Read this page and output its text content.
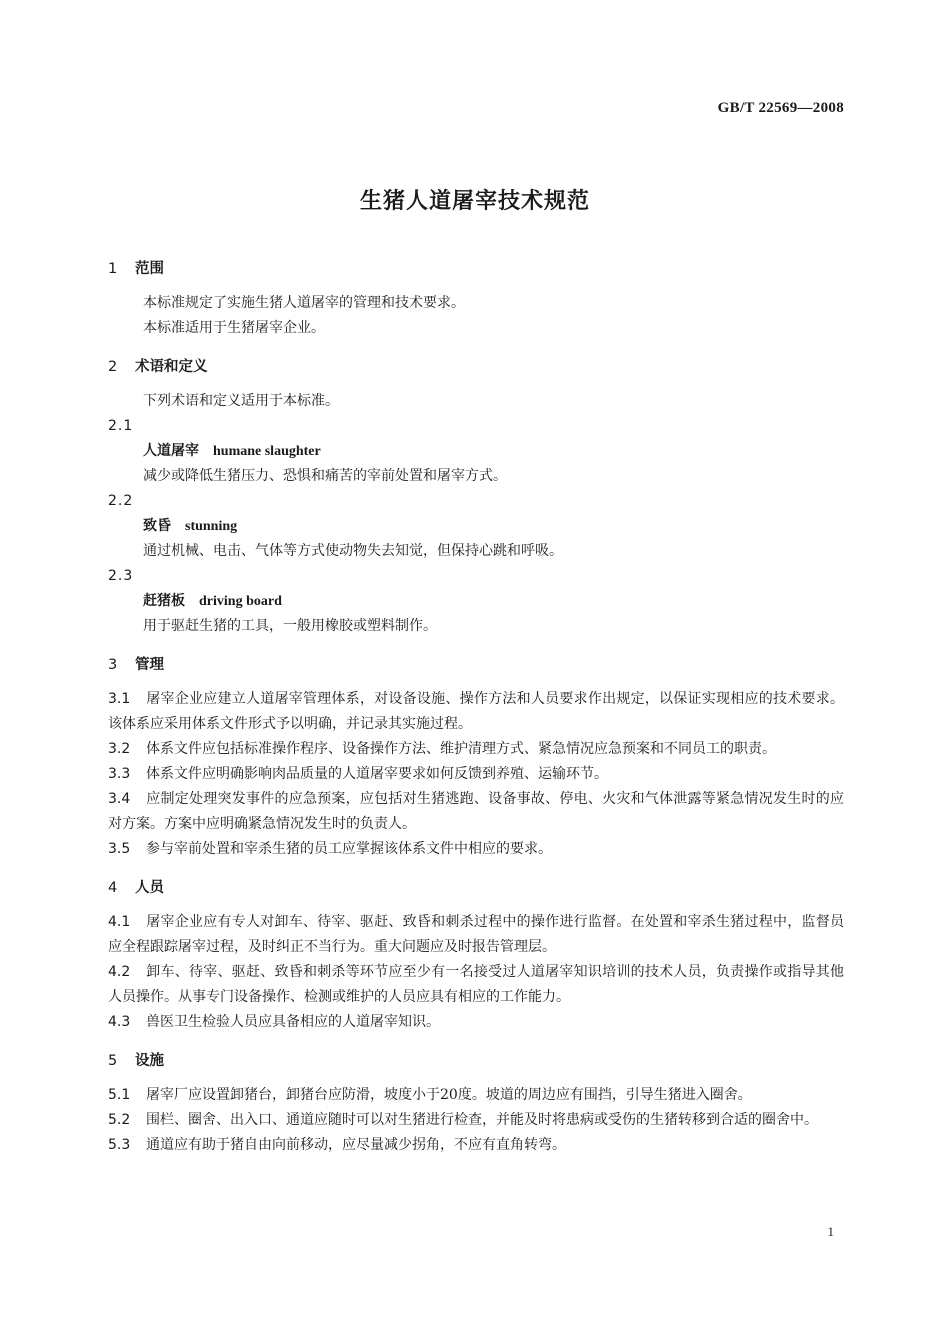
GB/T 22569—2008
生猪人道屠宰技术规范
1 范围
本标准规定了实施生猪人道屠宰的管理和技术要求。
本标准适用于生猪屠宰企业。
2 术语和定义
下列术语和定义适用于本标准。
2.1
人道屠宰 humane slaughter
减少或降低生猪压力、恐惧和痛苦的宰前处置和屠宰方式。
2.2
致昏 stunning
通过机械、电击、气体等方式使动物失去知觉，但保持心跳和呼吸。
2.3
赶猪板 driving board
用于驱赶生猪的工具，一般用橡胶或塑料制作。
3 管理
3.1 屠宰企业应建立人道屠宰管理体系，对设备设施、操作方法和人员要求作出规定，以保证实现相应的技术要求。该体系应采用体系文件形式予以明确，并记录其实施过程。
3.2 体系文件应包括标准操作程序、设备操作方法、维护清理方式、紧急情况应急预案和不同员工的职责。
3.3 体系文件应明确影响肉品质量的人道屠宰要求如何反馈到养殖、运输环节。
3.4 应制定处理突发事件的应急预案，应包括对生猪逃跑、设备事故、停电、火灾和气体泄露等紧急情况发生时的应对方案。方案中应明确紧急情况发生时的负责人。
3.5 参与宰前处置和宰杀生猪的员工应掌握该体系文件中相应的要求。
4 人员
4.1 屠宰企业应有专人对卸车、待宰、驱赶、致昏和刺杀过程中的操作进行监督。在处置和宰杀生猪过程中，监督员应全程跟踪屠宰过程，及时纠正不当行为。重大问题应及时报告管理层。
4.2 卸车、待宰、驱赶、致昏和刺杀等环节应至少有一名接受过人道屠宰知识培训的技术人员，负责操作或指导其他人员操作。从事专门设备操作、检测或维护的人员应具有相应的工作能力。
4.3 兽医卫生检验人员应具备相应的人道屠宰知识。
5 设施
5.1 屠宰厂应设置卸猪台，卸猪台应防滑，坡度小于20度。坡道的周边应有围挡，引导生猪进入圈舍。
5.2 围栏、圈舍、出入口、通道应随时可以对生猪进行检查，并能及时将患病或受伤的生猪转移到合适的圈舍中。
5.3 通道应有助于猪自由向前移动，应尽量减少拐角，不应有直角转弯。
1
